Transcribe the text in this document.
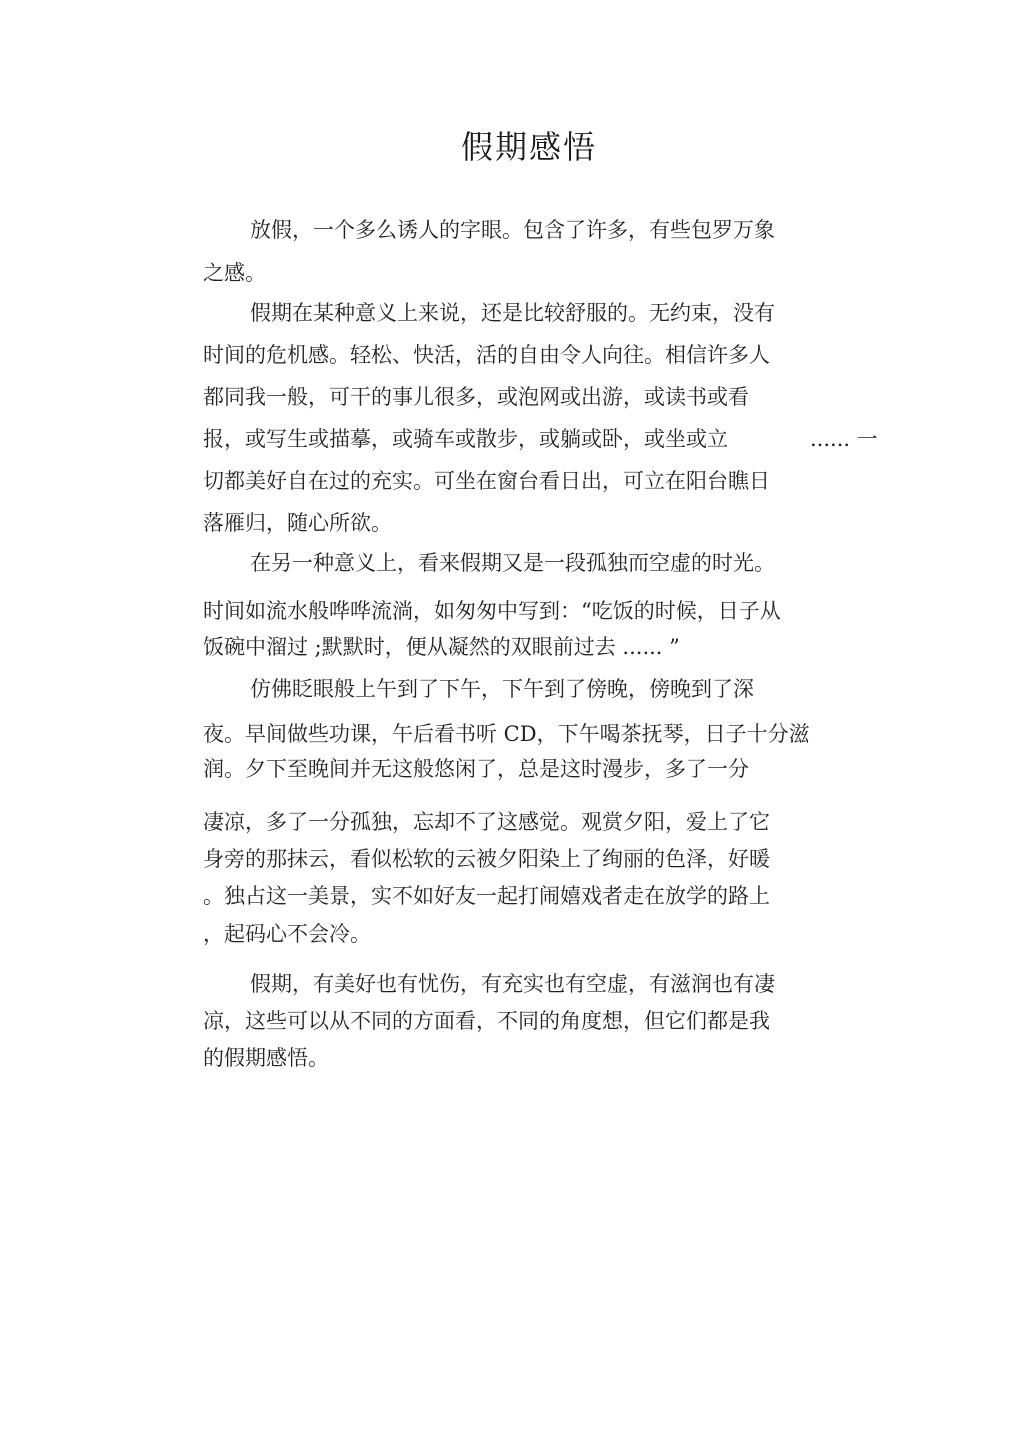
假期感悟
放假，一个多么诱人的字眼。包含了许多，有些包罗万象
之感。
假期在某种意义上来说，还是比较舒服的。无约束，没有
时间的危机感。轻松、快活，活的自由令人向往。相信许多人
都同我一般，可干的事儿很多，或泡网或出游，或读书或看
报，或写生或描摹，或骑车或散步，或躺或卧，或坐或立	...... 一
切都美好自在过的充实。可坐在窗台看日出，可立在阳台瞧日
落雁归，随心所欲。
在另一种意义上，看来假期又是一段孤独而空虚的时光。
时间如流水般哗哗流淌，如匆匆中写到：“吃饭的时候，日子从
饭碗中溜过 ;默默时，便从凝然的双眼前过去 ...... ”
仿佛眨眼般上午到了下午，下午到了傍晚，傍晚到了深
夜。早间做些功课，午后看书听 CD，下午喝茶抚琴，日子十分滋
润。夕下至晚间并无这般悠闲了，总是这时漫步，多了一分
凄凉，多了一分孤独，忘却不了这感觉。观赏夕阳，爱上了它
身旁的那抹云，看似松软的云被夕阳染上了绚丽的色泽，好暖
。独占这一美景，实不如好友一起打闹嬉戏者走在放学的路上
，起码心不会冷。
假期，有美好也有忧伤，有充实也有空虚，有滋润也有凄
凉，这些可以从不同的方面看，不同的角度想，但它们都是我
的假期感悟。
